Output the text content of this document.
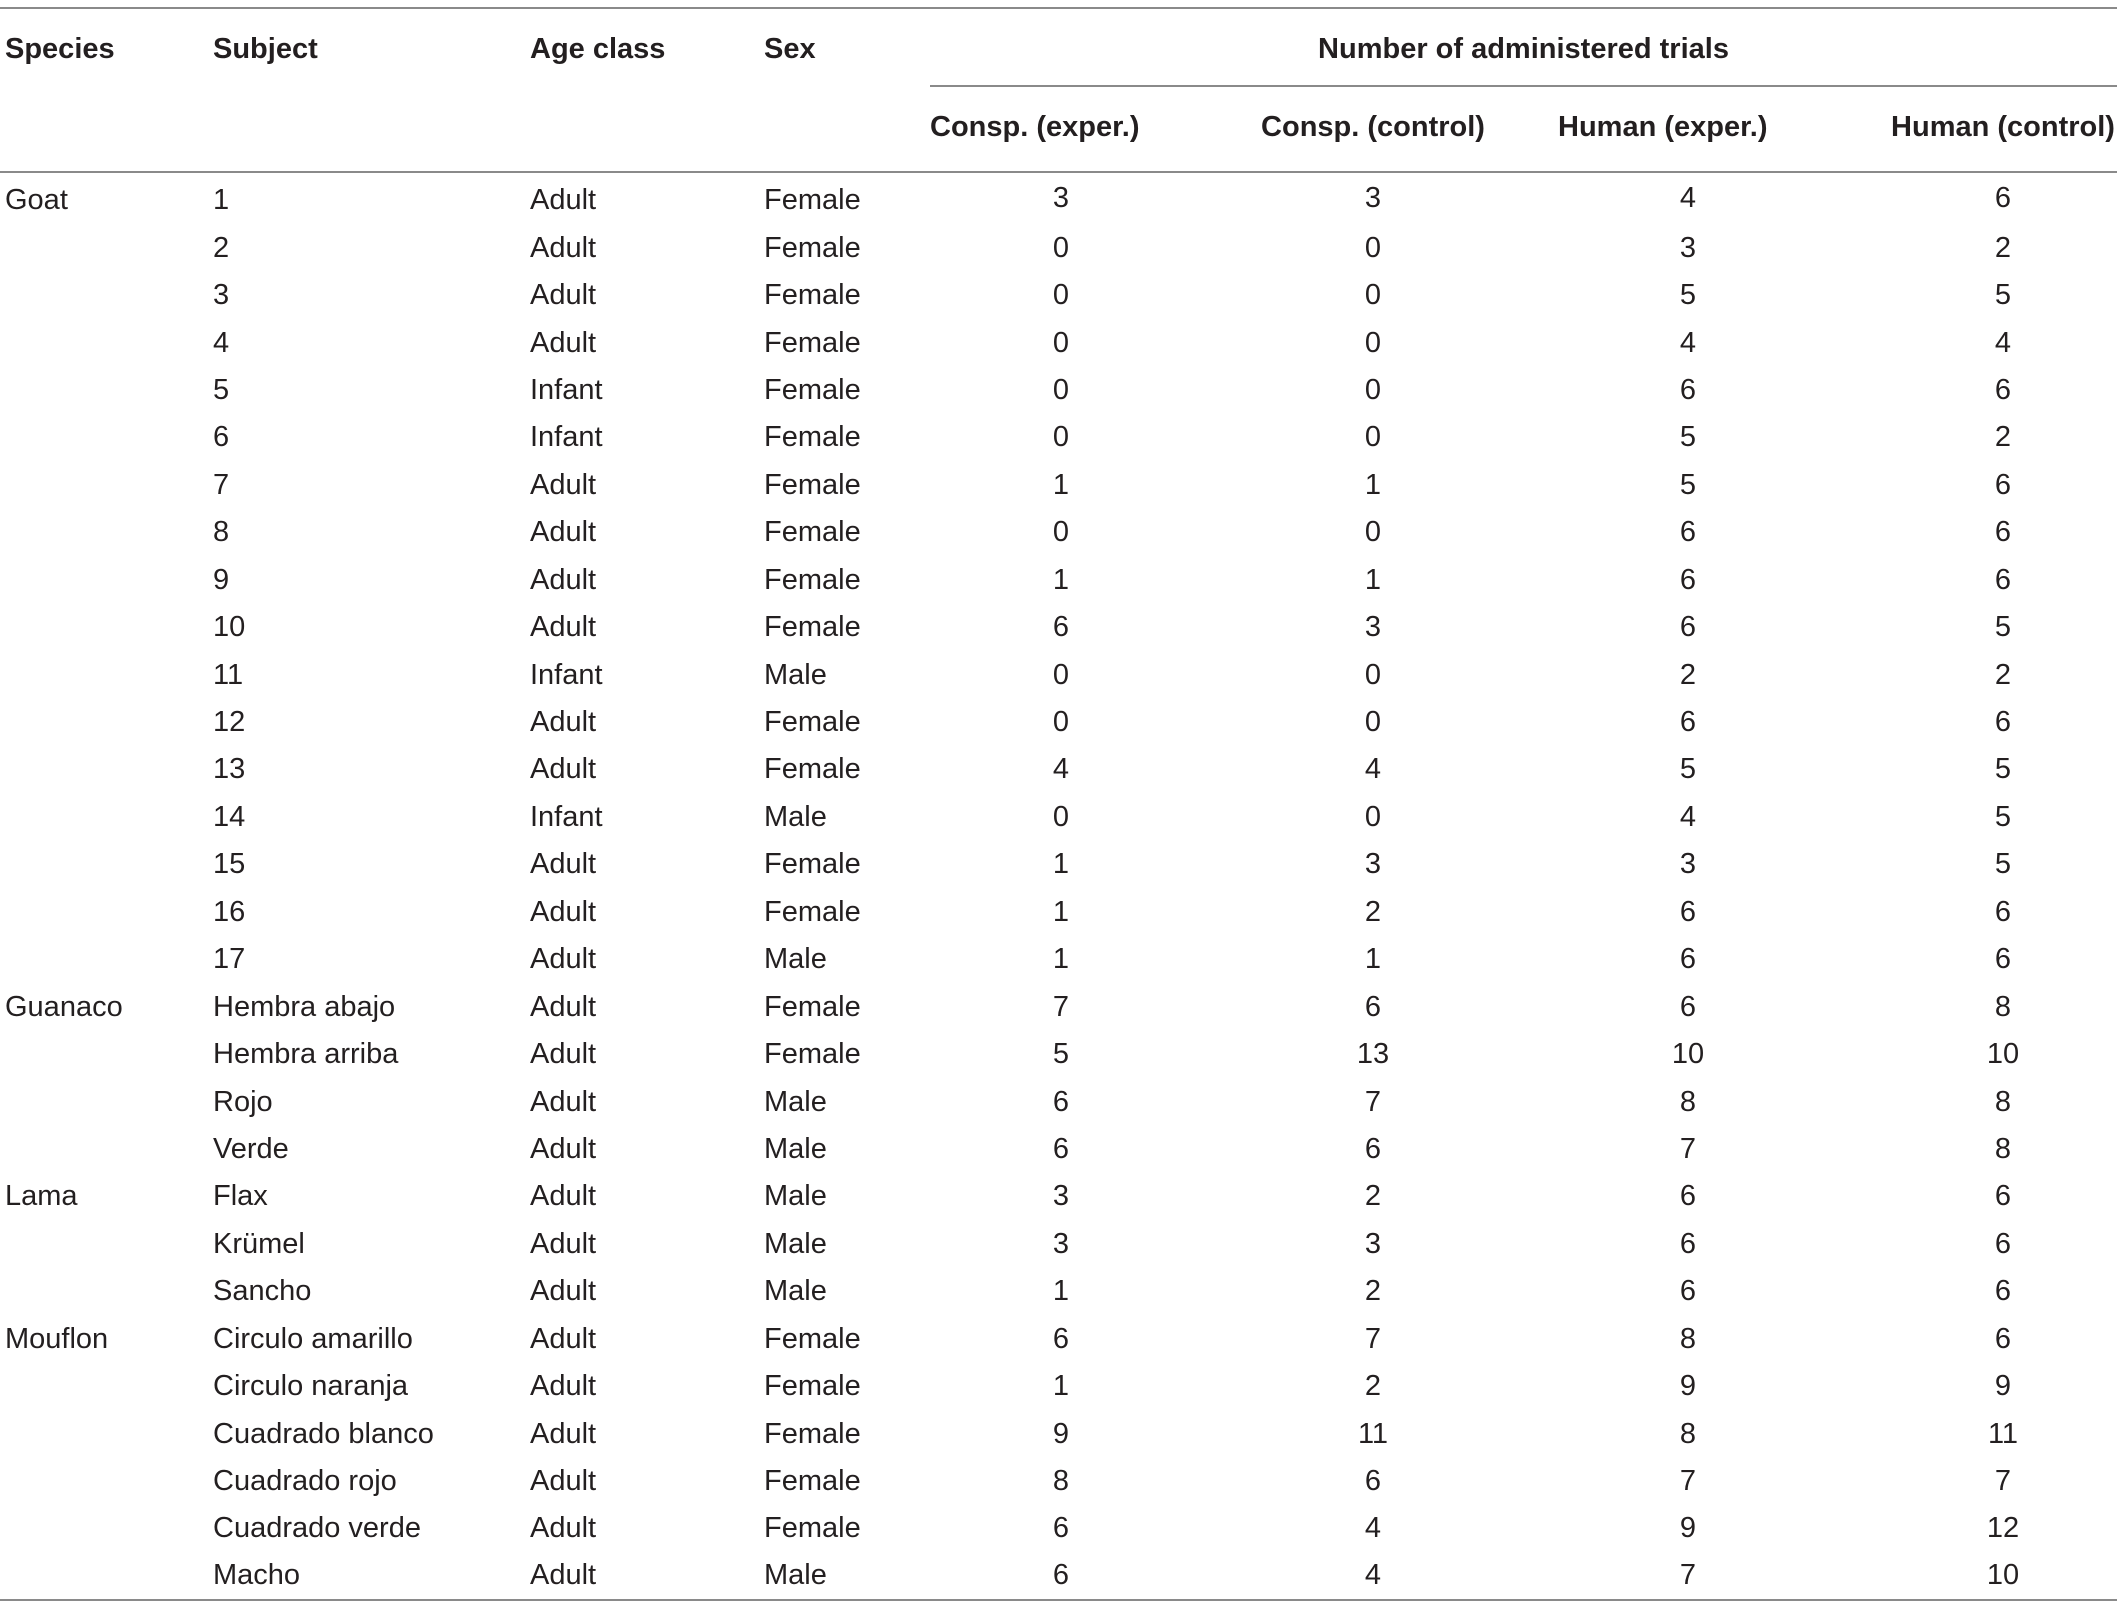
Species	Subject	Age class	Sex	Number of administered trials			
				Consp. (exper.)	Consp. (control)	Human (exper.)	Human (control)
Goat	1	Adult	Female	3	3	4	6
	2	Adult	Female	0	0	3	2
	3	Adult	Female	0	0	5	5
	4	Adult	Female	0	0	4	4
	5	Infant	Female	0	0	6	6
	6	Infant	Female	0	0	5	2
	7	Adult	Female	1	1	5	6
	8	Adult	Female	0	0	6	6
	9	Adult	Female	1	1	6	6
	10	Adult	Female	6	3	6	5
	11	Infant	Male	0	0	2	2
	12	Adult	Female	0	0	6	6
	13	Adult	Female	4	4	5	5
	14	Infant	Male	0	0	4	5
	15	Adult	Female	1	3	3	5
	16	Adult	Female	1	2	6	6
	17	Adult	Male	1	1	6	6
Guanaco	Hembra abajo	Adult	Female	7	6	6	8
	Hembra arriba	Adult	Female	5	13	10	10
	Rojo	Adult	Male	6	7	8	8
	Verde	Adult	Male	6	6	7	8
Lama	Flax	Adult	Male	3	2	6	6
	Krümel	Adult	Male	3	3	6	6
	Sancho	Adult	Male	1	2	6	6
Mouflon	Circulo amarillo	Adult	Female	6	7	8	6
	Circulo naranja	Adult	Female	1	2	9	9
	Cuadrado blanco	Adult	Female	9	11	8	11
	Cuadrado rojo	Adult	Female	8	6	7	7
	Cuadrado verde	Adult	Female	6	4	9	12
	Macho	Adult	Male	6	4	7	10
